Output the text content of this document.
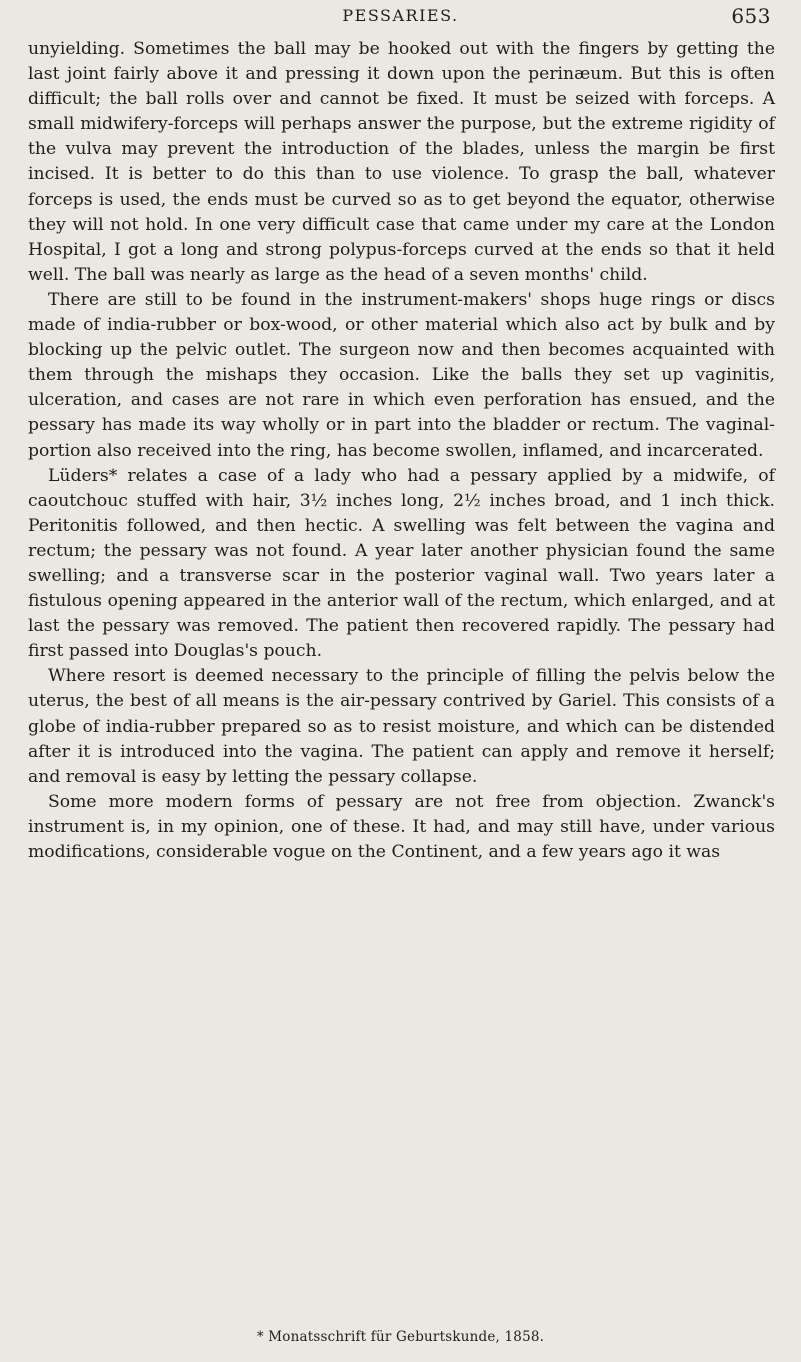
PESSARIES.	653

unyielding. Sometimes the ball may be hooked out with the fingers by getting the last joint fairly above it and pressing it down upon the perinæum. But this is often difficult; the ball rolls over and cannot be fixed. It must be seized with forceps. A small midwifery-forceps will perhaps answer the purpose, but the extreme rigidity of the vulva may prevent the introduction of the blades, unless the margin be first incised. It is better to do this than to use violence. To grasp the ball, whatever forceps is used, the ends must be curved so as to get beyond the equator, otherwise they will not hold. In one very difficult case that came under my care at the London Hospital, I got a long and strong polypus-forceps curved at the ends so that it held well. The ball was nearly as large as the head of a seven months' child.

There are still to be found in the instrument-makers' shops huge rings or discs made of india-rubber or box-wood, or other material which also act by bulk and by blocking up the pelvic outlet. The surgeon now and then becomes acquainted with them through the mishaps they occasion. Like the balls they set up vaginitis, ulceration, and cases are not rare in which even perforation has ensued, and the pessary has made its way wholly or in part into the bladder or rectum. The vaginal-portion also received into the ring, has become swollen, inflamed, and incarcerated.

Lüders* relates a case of a lady who had a pessary applied by a midwife, of caoutchouc stuffed with hair, 3½ inches long, 2½ inches broad, and 1 inch thick. Peritonitis followed, and then hectic. A swelling was felt between the vagina and rectum; the pessary was not found. A year later another physician found the same swelling; and a transverse scar in the posterior vaginal wall. Two years later a fistulous opening appeared in the anterior wall of the rectum, which enlarged, and at last the pessary was removed. The patient then recovered rapidly. The pessary had first passed into Douglas's pouch.

Where resort is deemed necessary to the principle of filling the pelvis below the uterus, the best of all means is the air-pessary contrived by Gariel. This consists of a globe of india-rubber prepared so as to resist moisture, and which can be distended after it is introduced into the vagina. The patient can apply and remove it herself; and removal is easy by letting the pessary collapse.

Some more modern forms of pessary are not free from objection. Zwanck's instrument is, in my opinion, one of these. It had, and may still have, under various modifications, considerable vogue on the Continent, and a few years ago it was

* Monatsschrift für Geburtskunde, 1858.
